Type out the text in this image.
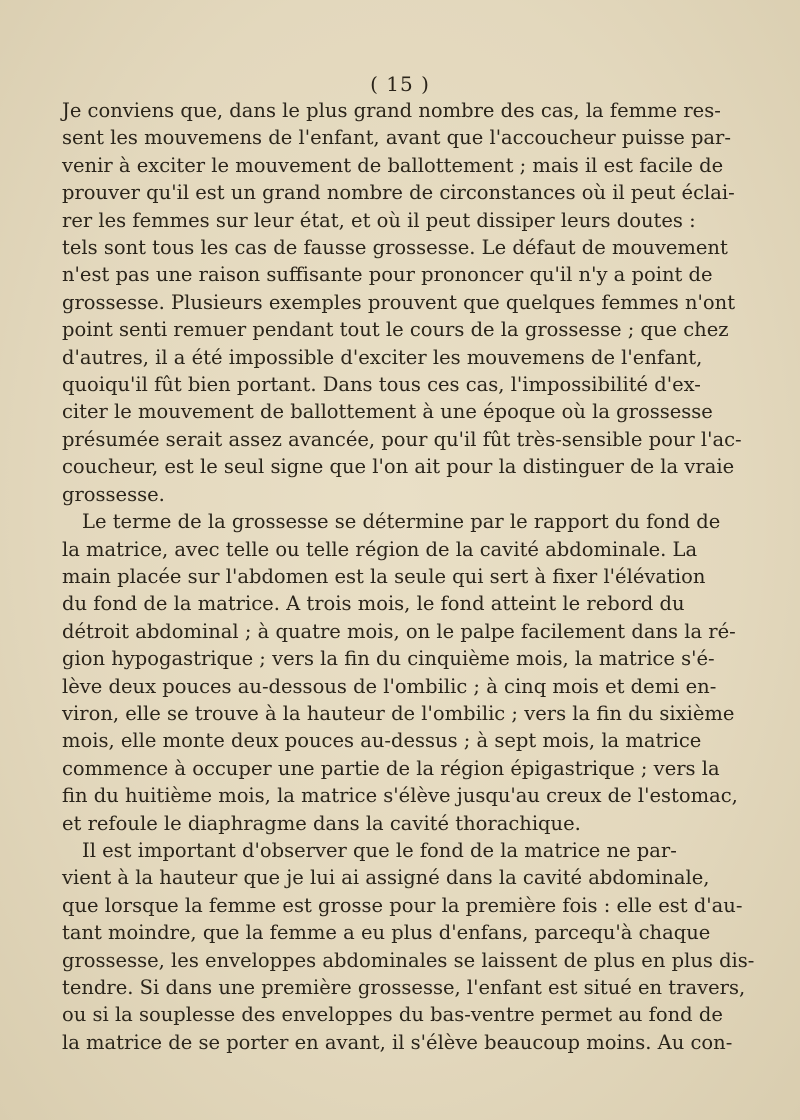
( 15 )
Je conviens que, dans le plus grand nombre des cas, la femme res-
sent les mouvemens de l'enfant, avant que l'accoucheur puisse par-
venir à exciter le mouvement de ballottement ; mais il est facile de
prouver qu'il est un grand nombre de circonstances où il peut éclai-
rer les femmes sur leur état, et où il peut dissiper leurs doutes :
tels sont tous les cas de fausse grossesse. Le défaut de mouvement
n'est pas une raison suffisante pour prononcer qu'il n'y a point de
grossesse. Plusieurs exemples prouvent que quelques femmes n'ont
point senti remuer pendant tout le cours de la grossesse ; que chez
d'autres, il a été impossible d'exciter les mouvemens de l'enfant,
quoiqu'il fût bien portant. Dans tous ces cas, l'impossibilité d'ex-
citer le mouvement de ballottement à une époque où la grossesse
présumée serait assez avancée, pour qu'il fût très-sensible pour l'ac-
coucheur, est le seul signe que l'on ait pour la distinguer de la vraie
grossesse.
Le terme de la grossesse se détermine par le rapport du fond de
la matrice, avec telle ou telle région de la cavité abdominale. La
main placée sur l'abdomen est la seule qui sert à fixer l'élévation
du fond de la matrice. A trois mois, le fond atteint le rebord du
détroit abdominal ; à quatre mois, on le palpe facilement dans la ré-
gion hypogastrique ; vers la fin du cinquième mois, la matrice s'é-
lève deux pouces au-dessous de l'ombilic ; à cinq mois et demi en-
viron, elle se trouve à la hauteur de l'ombilic ; vers la fin du sixième
mois, elle monte deux pouces au-dessus ; à sept mois, la matrice
commence à occuper une partie de la région épigastrique ; vers la
fin du huitième mois, la matrice s'élève jusqu'au creux de l'estomac,
et refoule le diaphragme dans la cavité thorachique.
Il est important d'observer que le fond de la matrice ne par-
vient à la hauteur que je lui ai assigné dans la cavité abdominale,
que lorsque la femme est grosse pour la première fois : elle est d'au-
tant moindre, que la femme a eu plus d'enfans, parcequ'à chaque
grossesse, les enveloppes abdominales se laissent de plus en plus dis-
tendre. Si dans une première grossesse, l'enfant est situé en travers,
ou si la souplesse des enveloppes du bas-ventre permet au fond de
la matrice de se porter en avant, il s'élève beaucoup moins. Au con-
